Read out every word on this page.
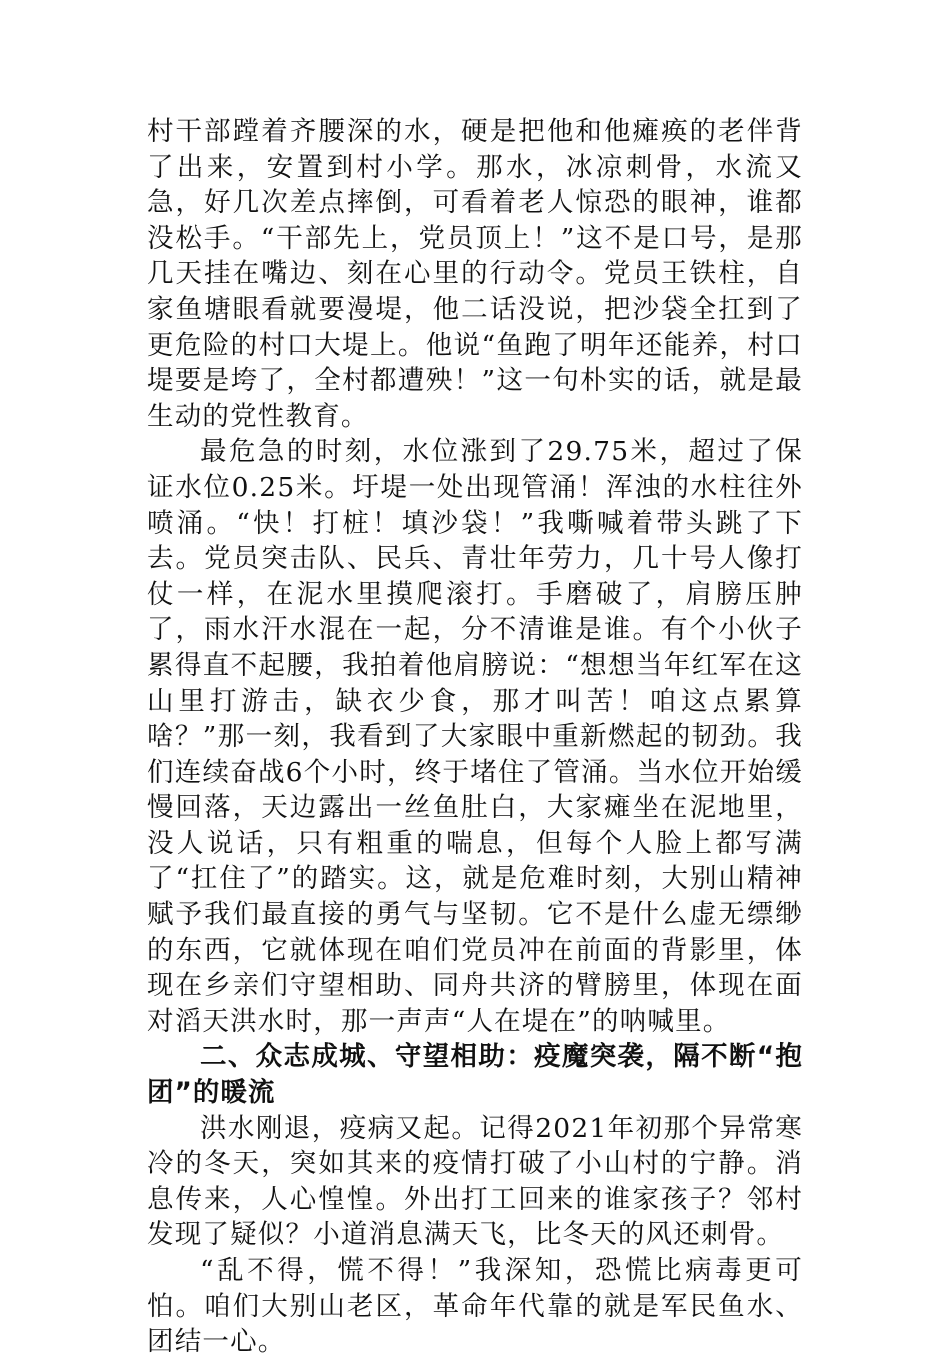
村干部蹚着齐腰深的水，硬是把他和他瘫痪的老伴背了出来，安置到村小学。那水，冰凉刺骨，水流又急，好几次差点摔倒，可看着老人惊恐的眼神，谁都没松手。“干部先上，党员顶上！”这不是口号，是那几天挂在嘴边、刻在心里的行动令。党员王铁柱，自家鱼塘眼看就要漫堤，他二话没说，把沙袋全扛到了更危险的村口大堤上。他说“鱼跑了明年还能养，村口堤要是垮了，全村都遭殃！”这一句朴实的话，就是最生动的党性教育。

最危急的时刻，水位涨到了29.75米，超过了保证水位0.25米。圩堤一处出现管涌！浑浊的水柱往外喷涌。“快！打桩！填沙袋！”我嘶喊着带头跳了下去。党员突击队、民兵、青壮年劳力，几十号人像打仗一样，在泥水里摸爬滚打。手磨破了，肩膀压肿了，雨水汗水混在一起，分不清谁是谁。有个小伙子累得直不起腰，我拍着他肩膀说：“想想当年红军在这山里打游击，缺衣少食，那才叫苦！咱这点累算啥？”那一刻，我看到了大家眼中重新燃起的韧劲。我们连续奋战6个小时，终于堵住了管涌。当水位开始缓慢回落，天边露出一丝鱼肚白，大家瘫坐在泥地里，没人说话，只有粗重的喘息，但每个人脸上都写满了“扛住了”的踏实。这，就是危难时刻，大别山精神赋予我们最直接的勇气与坚韧。它不是什么虚无缥缈的东西，它就体现在咱们党员冲在前面的背影里，体现在乡亲们守望相助、同舟共济的臂膀里，体现在面对滔天洪水时，那一声声“人在堤在”的呐喊里。

二、众志成城、守望相助：疫魔突袭，隔不断“抱团”的暖流

洪水刚退，疫病又起。记得2021年初那个异常寒冷的冬天，突如其来的疫情打破了小山村的宁静。消息传来，人心惶惶。外出打工回来的谁家孩子？邻村发现了疑似？小道消息满天飞，比冬天的风还刺骨。

“乱不得，慌不得！”我深知，恐慌比病毒更可怕。咱们大别山老区，革命年代靠的就是军民鱼水、团结一心。
